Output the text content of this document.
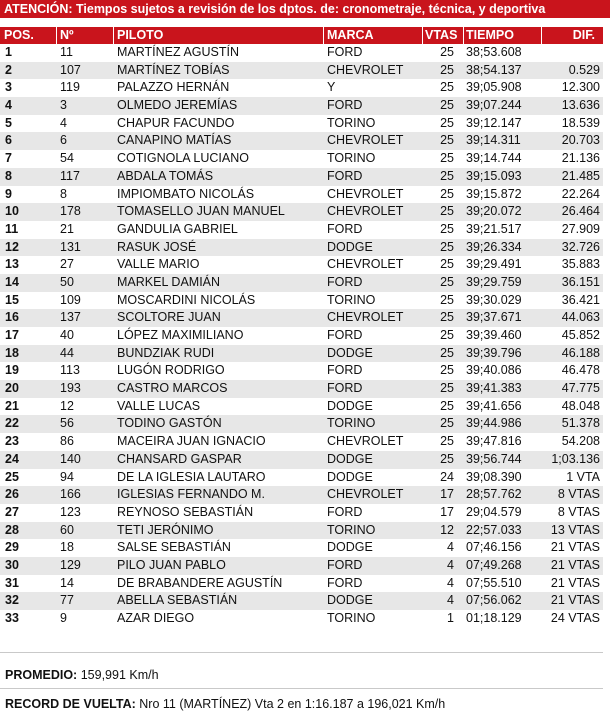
ATENCIÓN: Tiempos sujetos a revisión de los dptos. de: cronometraje, técnica, y deportiva
POS. Nº	PILOTO	MARCA	VTAS TIEMPO	DIF.
1	11	MARTÍNEZ AGUSTÍN	FORD	25 38;53.608
2	107	MARTÍNEZ TOBÍAS	CHEVROLET	25 38;54.137	0.529
3	119	PALAZZO HERNÁN	Y	25 39;05.908	12.300
4	3	OLMEDO JEREMÍAS	FORD	25 39;07.244	13.636
5	4	CHAPUR FACUNDO	TORINO	25 39;12.147	18.539
6	6	CANAPINO MATÍAS	CHEVROLET	25 39;14.311	20.703
7	54	COTIGNOLA LUCIANO	TORINO	25 39;14.744	21.136
8	117	ABDALA TOMÁS	FORD	25 39;15.093	21.485
9	8	IMPIOMBATO NICOLÁS	CHEVROLET	25 39;15.872	22.264
10	178	TOMASELLO JUAN MANUEL	CHEVROLET	25 39;20.072	26.464
11	21	GANDULIA GABRIEL	FORD	25 39;21.517	27.909
12	131	RASUK JOSÉ	DODGE	25 39;26.334	32.726
13	27	VALLE MARIO	CHEVROLET	25 39;29.491	35.883
14	50	MARKEL DAMIÁN	FORD	25 39;29.759	36.151
15	109	MOSCARDINI NICOLÁS	TORINO	25 39;30.029	36.421
16	137	SCOLTORE JUAN	CHEVROLET	25 39;37.671	44.063
17	40	LÓPEZ MAXIMILIANO	FORD	25 39;39.460	45.852
18	44	BUNDZIAK RUDI	DODGE	25 39;39.796	46.188
19	113	LUGÓN RODRIGO	FORD	25 39;40.086	46.478
20	193	CASTRO MARCOS	FORD	25 39;41.383	47.775
21	12	VALLE LUCAS	DODGE	25 39;41.656	48.048
22	56	TODINO GASTÓN	TORINO	25 39;44.986	51.378
23	86	MACEIRA JUAN IGNACIO	CHEVROLET	25 39;47.816	54.208
24	140	CHANSARD GASPAR	DODGE	25 39;56.744 1;03.136
25	94	DE LA IGLESIA LAUTARO	DODGE	24 39;08.390	1 VTA
26	166	IGLESIAS FERNANDO M.	CHEVROLET	17 28;57.762	8 VTAS
27	123	REYNOSO SEBASTIÁN	FORD	17 29;04.579	8 VTAS
28	60	TETI JERÓNIMO	TORINO	12 22;57.033 13 VTAS
29	18	SALSE SEBASTIÁN	DODGE	4 07;46.156 21 VTAS
30	129	PILO JUAN PABLO	FORD	4 07;49.268 21 VTAS
31	14	DE BRABANDERE AGUSTÍN	FORD	4 07;55.510 21 VTAS
32	77	ABELLA SEBASTIÁN	DODGE	4 07;56.062 21 VTAS
33	9	AZAR DIEGO	TORINO	1 01;18.129 24 VTAS
PROMEDIO: 159,991 Km/h
RECORD DE VUELTA: Nro 11 (MARTÍNEZ) Vta 2 en 1:16.187 a 196,021 Km/h
